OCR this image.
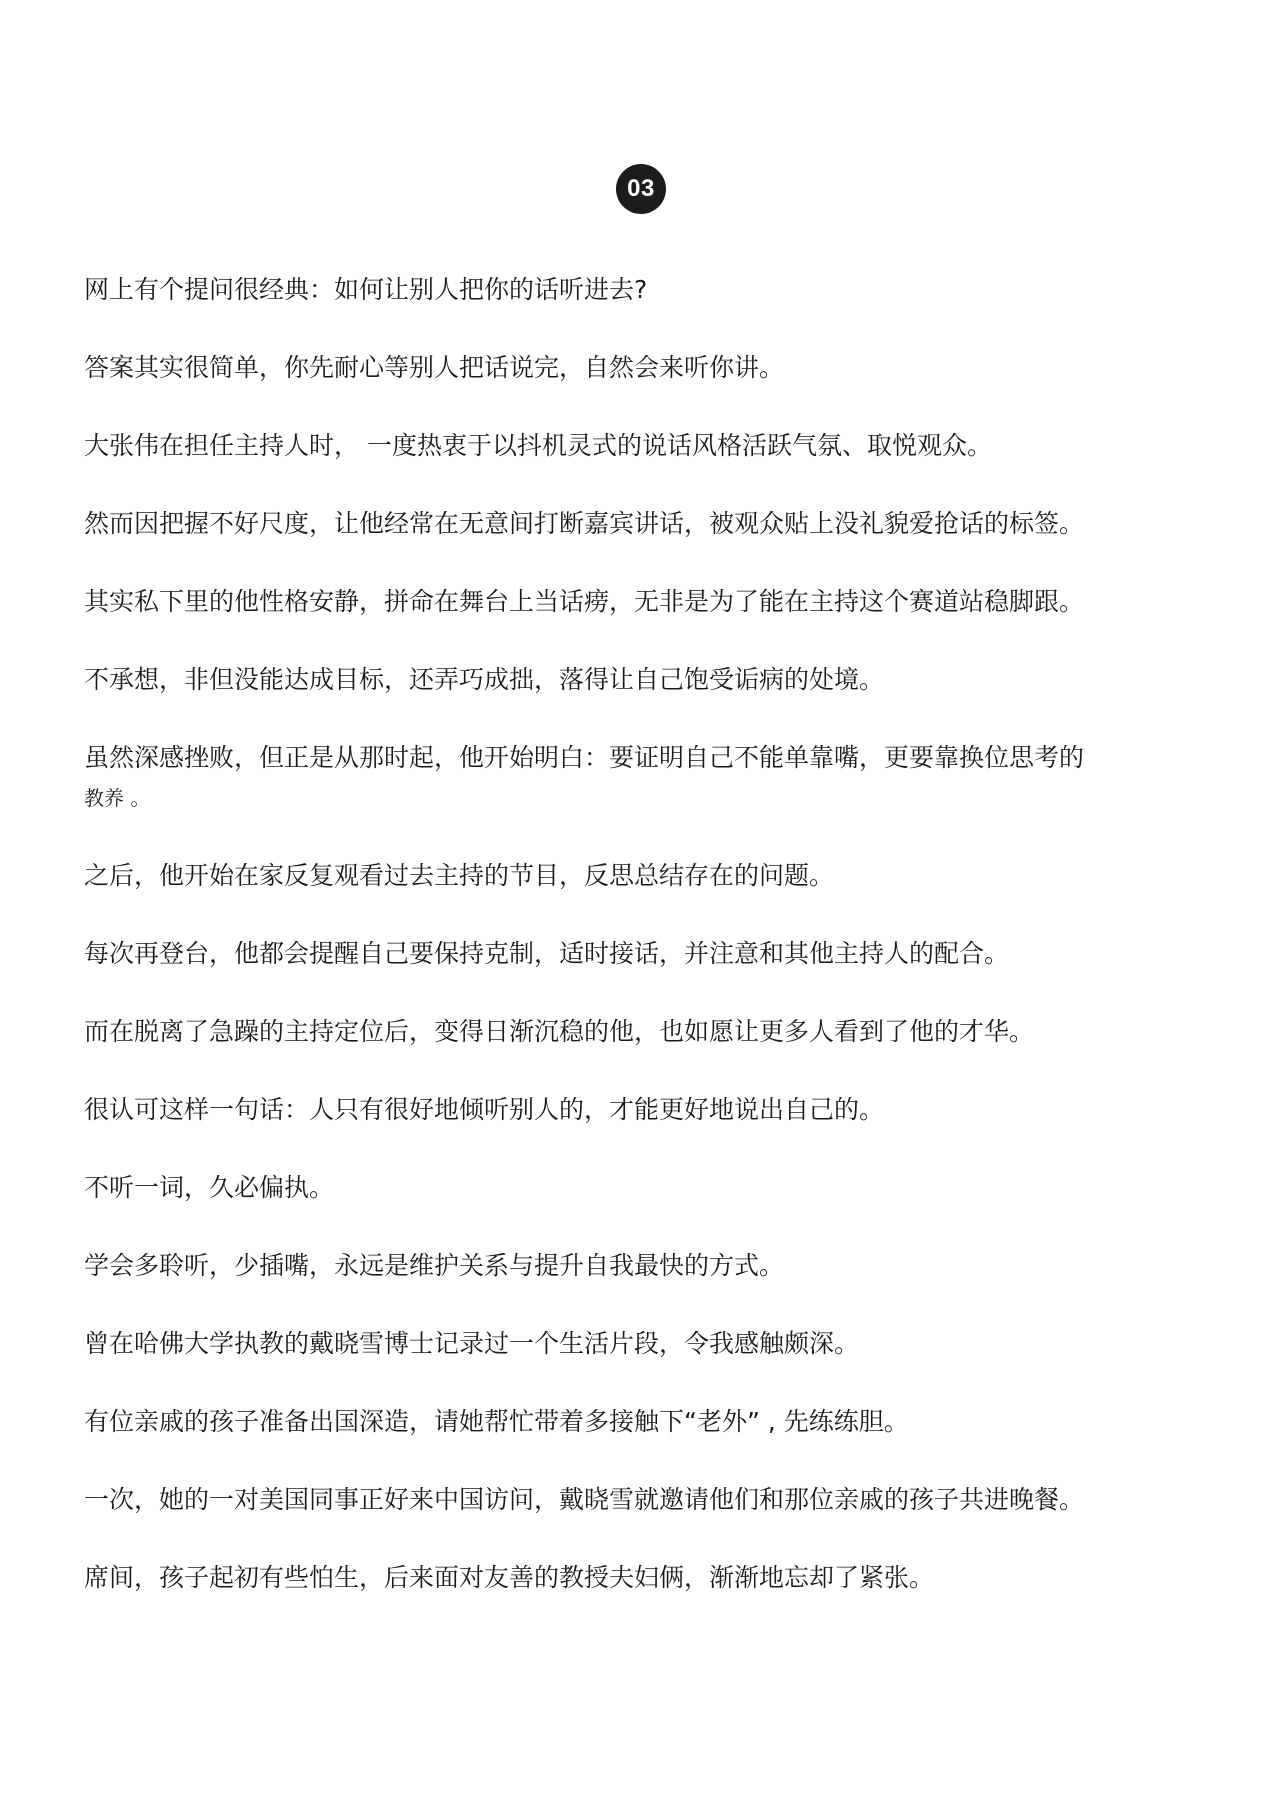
03

网上有个提问很经典：如何让别人把你的话听进去?

答案其实很简单，你先耐心等别人把话说完，自然会来听你讲。

大张伟在担任主持人时， 一度热衷于以抖机灵式的说话风格活跃气氛、取悦观众。

然而因把握不好尺度，让他经常在无意间打断嘉宾讲话，被观众贴上没礼貌爱抢话的标签。

其实私下里的他性格安静，拼命在舞台上当话痨，无非是为了能在主持这个赛道站稳脚跟。

不承想，非但没能达成目标，还弄巧成拙，落得让自己饱受诟病的处境。

虽然深感挫败，但正是从那时起，他开始明白：要证明自己不能单靠嘴，更要靠换位思考的

教养 。

之后，他开始在家反复观看过去主持的节目，反思总结存在的问题。

每次再登台，他都会提醒自己要保持克制，适时接话，并注意和其他主持人的配合。

而在脱离了急躁的主持定位后，变得日渐沉稳的他，也如愿让更多人看到了他的才华。

很认可这样一句话：人只有很好地倾听别人的，才能更好地说出自己的。

不听一词，久必偏执。

学会多聆听，少插嘴，永远是维护关系与提升自我最快的方式。

曾在哈佛大学执教的戴晓雪博士记录过一个生活片段，令我感触颇深。

有位亲戚的孩子准备出国深造，请她帮忙带着多接触下“老外” , 先练练胆。

一次，她的一对美国同事正好来中国访问，戴晓雪就邀请他们和那位亲戚的孩子共进晚餐。

席间，孩子起初有些怕生，后来面对友善的教授夫妇俩，渐渐地忘却了紧张。
